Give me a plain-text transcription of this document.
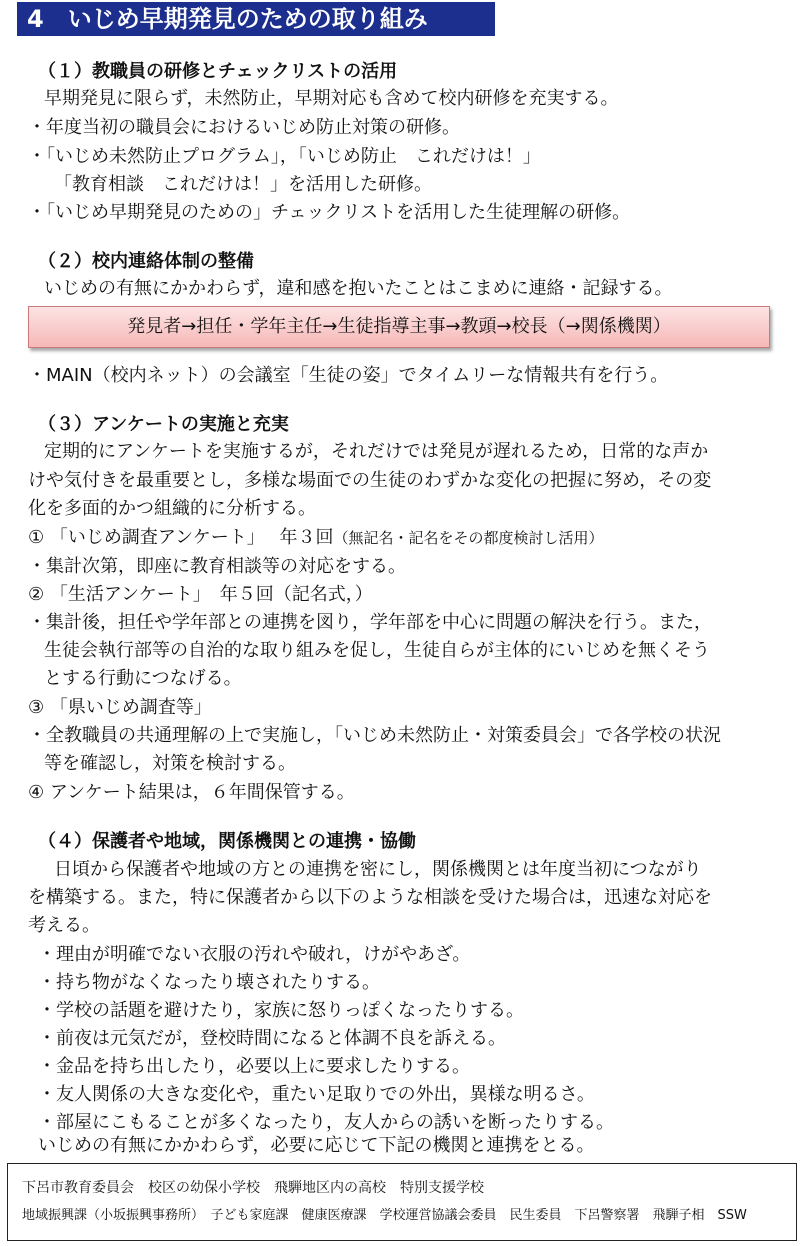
4　いじめ早期発見のための取り組み
（１）教職員の研修とチェックリストの活用
早期発見に限らず，未然防止，早期対応も含めて校内研修を充実する。
・年度当初の職員会におけるいじめ防止対策の研修。
・「いじめ未然防止プログラム」，「いじめ防止　これだけは！」
「教育相談　これだけは！」を活用した研修。
・「いじめ早期発見のための」チェックリストを活用した生徒理解の研修。
（２）校内連絡体制の整備
いじめの有無にかかわらず，違和感を抱いたことはこまめに連絡・記録する。
発見者→担任・学年主任→生徒指導主事→教頭→校長（→関係機関）
・MAIN（校内ネット）の会議室「生徒の姿」でタイムリーな情報共有を行う。
（３）アンケートの実施と充実
定期的にアンケートを実施するが，それだけでは発見が遅れるため，日常的な声か
けや気付きを最重要とし，多様な場面での生徒のわずかな変化の把握に努め，その変
化を多面的かつ組織的に分析する。
① 「いじめ調査アンケート」　 年３回（無記名・記名をその都度検討し活用）
・集計次第，即座に教育相談等の対応をする。
② 「生活アンケート」　年５回（記名式，）
・集計後，担任や学年部との連携を図り，学年部を中心に問題の解決を行う。また，
生徒会執行部等の自治的な取り組みを促し，生徒自らが主体的にいじめを無くそう
とする行動につなげる。
③ 「県いじめ調査等」
・全教職員の共通理解の上で実施し，「いじめ未然防止・対策委員会」で各学校の状況
等を確認し，対策を検討する。
④ アンケート結果は，６年間保管する。
（４）保護者や地域，関係機関との連携・協働
日頃から保護者や地域の方との連携を密にし，関係機関とは年度当初につながり
を構築する。また，特に保護者から以下のような相談を受けた場合は，迅速な対応を
考える。
・理由が明確でない衣服の汚れや破れ，けがやあざ。
・持ち物がなくなったり壊されたりする。
・学校の話題を避けたり，家族に怒りっぽくなったりする。
・前夜は元気だが，登校時間になると体調不良を訴える。
・金品を持ち出したり，必要以上に要求したりする。
・友人関係の大きな変化や，重たい足取りでの外出，異様な明るさ。
・部屋にこもることが多くなったり，友人からの誘いを断ったりする。
いじめの有無にかかわらず，必要に応じて下記の機関と連携をとる。
下呂市教育委員会　校区の幼保小学校　飛騨地区内の高校　特別支援学校
地域振興課（小坂振興事務所）　子ども家庭課　健康医療課　学校運営協議会委員　民生委員　下呂警察署　飛騨子相　SSW
